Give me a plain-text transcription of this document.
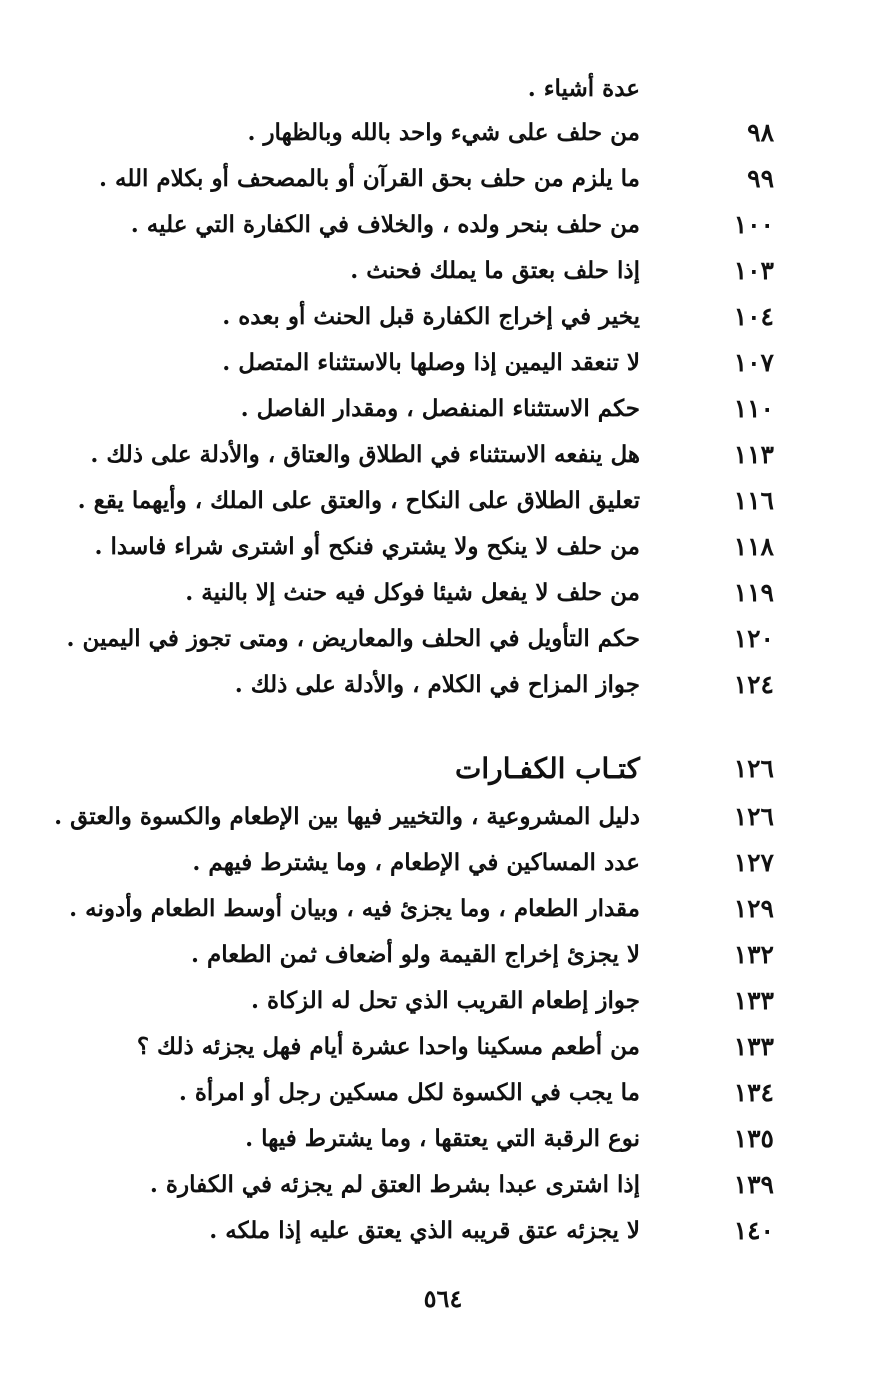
عدة أشياء .
٩٨
من حلف على شيء واحد بالله وبالظهار .
٩٩
ما يلزم من حلف بحق القرآن أو بالمصحف أو بكلام الله .
١٠٠
من حلف بنحر ولده ، والخلاف في الكفارة التي عليه .
١٠٣
إذا حلف بعتق ما يملك فحنث .
١٠٤
يخير في إخراج الكفارة قبل الحنث أو بعده .
١٠٧
لا تنعقد اليمين إذا وصلها بالاستثناء المتصل .
١١٠
حكم الاستثناء المنفصل ، ومقدار الفاصل .
١١٣
هل ينفعه الاستثناء في الطلاق والعتاق ، والأدلة على ذلك .
١١٦
تعليق الطلاق على النكاح ، والعتق على الملك ، وأيهما يقع .
١١٨
من حلف لا ينكح ولا يشتري فنكح أو اشترى شراء فاسدا .
١١٩
من حلف لا يفعل شيئا فوكل فيه حنث إلا بالنية .
١٢٠
حكم التأويل في الحلف والمعاريض ، ومتى تجوز في اليمين .
١٢٤
جواز المزاح في الكلام ، والأدلة على ذلك .
١٢٦
كتـاب الكفـارات
١٢٦
دليل المشروعية ، والتخيير فيها بين الإطعام والكسوة والعتق .
١٢٧
عدد المساكين في الإطعام ، وما يشترط فيهم .
١٢٩
مقدار الطعام ، وما يجزئ فيه ، وبيان أوسط الطعام وأدونه .
١٣٢
لا يجزئ إخراج القيمة ولو أضعاف ثمن الطعام .
١٣٣
جواز إطعام القريب الذي تحل له الزكاة .
١٣٣
من أطعم مسكينا واحدا عشرة أيام فهل يجزئه ذلك ؟
١٣٤
ما يجب في الكسوة لكل مسكين رجل أو امرأة .
١٣٥
نوع الرقبة التي يعتقها ، وما يشترط فيها .
١٣٩
إذا اشترى عبدا بشرط العتق لم يجزئه في الكفارة .
١٤٠
لا يجزئه عتق قريبه الذي يعتق عليه إذا ملكه .
٥٦٤
